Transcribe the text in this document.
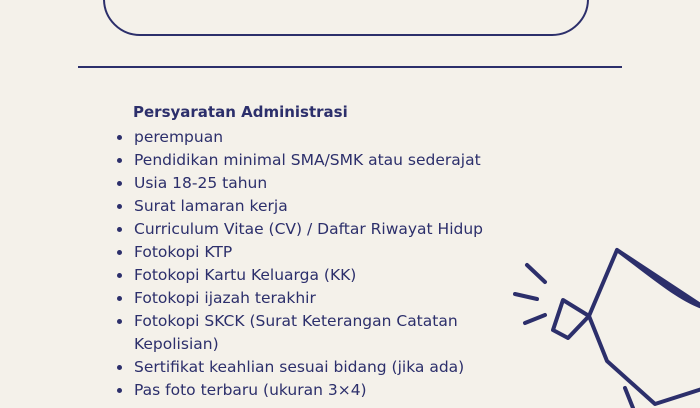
Persyaratan Administrasi
perempuan
Pendidikan minimal SMA/SMK atau sederajat
Usia 18-25 tahun
Surat lamaran kerja
Curriculum Vitae (CV) / Daftar Riwayat Hidup
Fotokopi KTP
Fotokopi Kartu Keluarga (KK)
Fotokopi ijazah terakhir
Fotokopi SKCK (Surat Keterangan Catatan Kepolisian)
Sertifikat keahlian sesuai bidang (jika ada)
Pas foto terbaru (ukuran 3×4)
